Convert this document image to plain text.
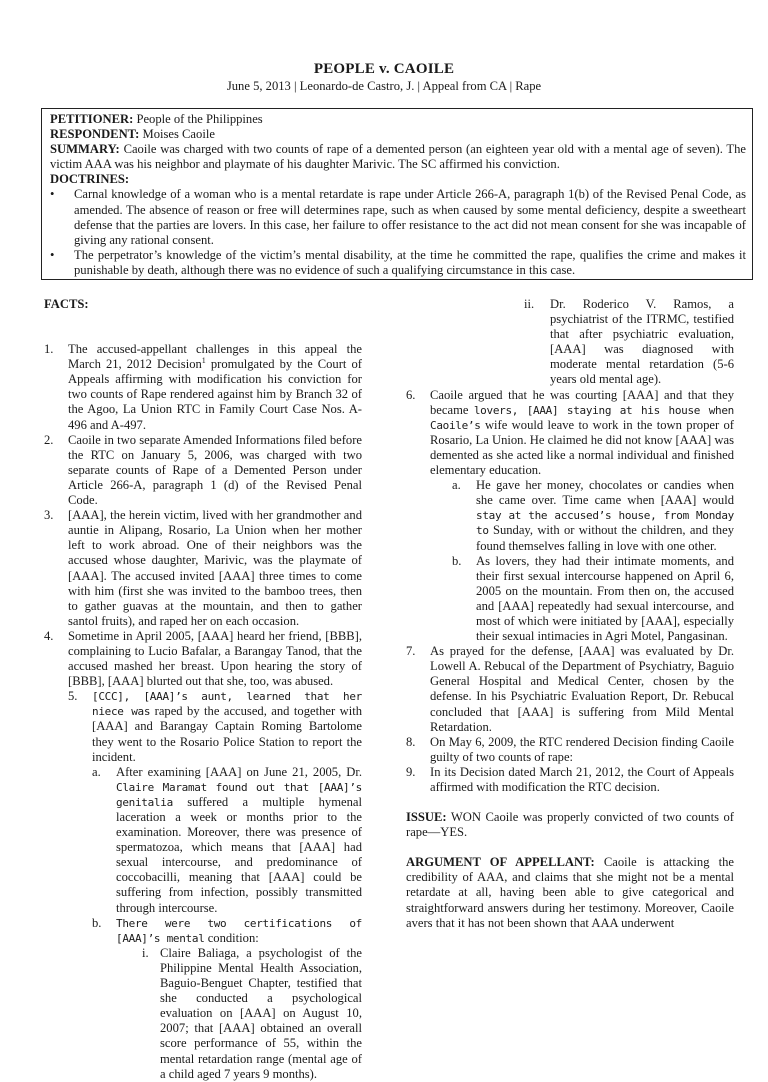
PEOPLE v. CAOILE
June 5, 2013 | Leonardo-de Castro, J. | Appeal from CA | Rape

PETITIONER: People of the Philippines

RESPONDENT: Moises Caoile

SUMMARY: Caoile was charged with two counts of rape of a demented person (an eighteen year old with a mental age of seven). The victim AAA was his neighbor and playmate of his daughter Marivic. The SC affirmed his conviction.

DOCTRINES:

• Carnal knowledge of a woman who is a mental retardate is rape under Article 266-A, paragraph 1(b) of the Revised Penal Code, as amended. The absence of reason or free will determines rape, such as when caused by some mental deficiency, despite a sweetheart defense that the parties are lovers. In this case, her failure to offer resistance to the act did not mean consent for she was incapable of giving any rational consent.
• The perpetrator’s knowledge of the victim’s mental disability, at the time he committed the rape, qualifies the crime and makes it punishable by death, although there was no evidence of such a qualifying circumstance in this case.
FACTS:
1. The accused-appellant challenges in this appeal the March 21, 2012 Decision$^1$ promulgated by the Court of Appeals affirming with modification his conviction for two counts of Rape rendered against him by Branch 32 of the Agoo, La Union RTC in Family Court Case Nos. A-496 and A-497.
2. Caoile in two separate Amended Informations filed before the RTC on January 5, 2006, was charged with two separate counts of Rape of a Demented Person under Article 266-A, paragraph 1 (d) of the Revised Penal Code.
3. [AAA], the herein victim, lived with her grandmother and auntie in Alipang, Rosario, La Union when her mother left to work abroad. One of their neighbors was the accused whose daughter, Marivic, was the playmate of [AAA]. The accused invited [AAA] three times to come with him (first she was invited to the bamboo trees, then to gather guavas at the mountain, and then to gather santol fruits), and raped her on each occasion.
4. Sometime in April 2005, [AAA] heard her friend, [BBB], complaining to Lucio Bafalar, a Barangay Tanod, that the accused mashed her breast. Upon hearing the story of [BBB], [AAA] blurted out that she, too, was abused.
5. [CCC], [AAA]’s aunt, learned that her niece was raped by the accused, and together with [AAA] and Barangay Captain Roming Bartolome they went to the Rosario Police Station to report the incident.
a. After examining [AAA] on June 21, 2005, Dr. Claire Maramat found out that [AAA]’s genitalia suffered a multiple hymenal laceration a week or months prior to the examination. Moreover, there was presence of spermatozoa, which means that [AAA] had sexual intercourse, and predominance of coccobacilli, meaning that [AAA] could be suffering from infection, possibly transmitted through intercourse.
b. There were two certifications of [AAA]’s mental condition:
i. Claire Baliaga, a psychologist of the Philippine Mental Health Association, Baguio-Benguet Chapter, testified that she conducted a psychological evaluation on [AAA] on August 10, 2007; that [AAA] obtained an overall score performance of 55, within the mental retardation range (mental age of a child aged 7 years 9 months).
ii. Dr. Roderico V. Ramos, a psychiatrist of the ITRMC, testified that after psychiatric evaluation, [AAA] was diagnosed with moderate mental retardation (5-6 years old mental age).
6. Caoile argued that he was courting [AAA] and that they became lovers, [AAA] staying at his house when Caoile’s wife would leave to work in the town proper of Rosario, La Union. He claimed he did not know [AAA] was demented as she acted like a normal individual and finished elementary education.
a. He gave her money, chocolates or candies when she came over. Time came when [AAA] would stay at the accused’s house, from Monday to Sunday, with or without the children, and they found themselves falling in love with one other.
b. As lovers, they had their intimate moments, and their first sexual intercourse happened on April 6, 2005 on the mountain. From then on, the accused and [AAA] repeatedly had sexual intercourse, and most of which were initiated by [AAA], especially their sexual intimacies in Agri Motel, Pangasinan.
7. As prayed for the defense, [AAA] was evaluated by Dr. Lowell A. Rebucal of the Department of Psychiatry, Baguio General Hospital and Medical Center, chosen by the defense. In his Psychiatric Evaluation Report, Dr. Rebucal concluded that [AAA] is suffering from Mild Mental Retardation.
8. On May 6, 2009, the RTC rendered Decision finding Caoile guilty of two counts of rape:
9. In its Decision dated March 21, 2012, the Court of Appeals affirmed with modification the RTC decision.
ISSUE: WON Caoile was properly convicted of two counts of rape—YES.
ARGUMENT OF APPELLANT: Caoile is attacking the credibility of AAA, and claims that she might not be a mental retardate at all, having been able to give categorical and straightforward answers during her testimony. Moreover, Caoile avers that it has not been shown that AAA underwent
